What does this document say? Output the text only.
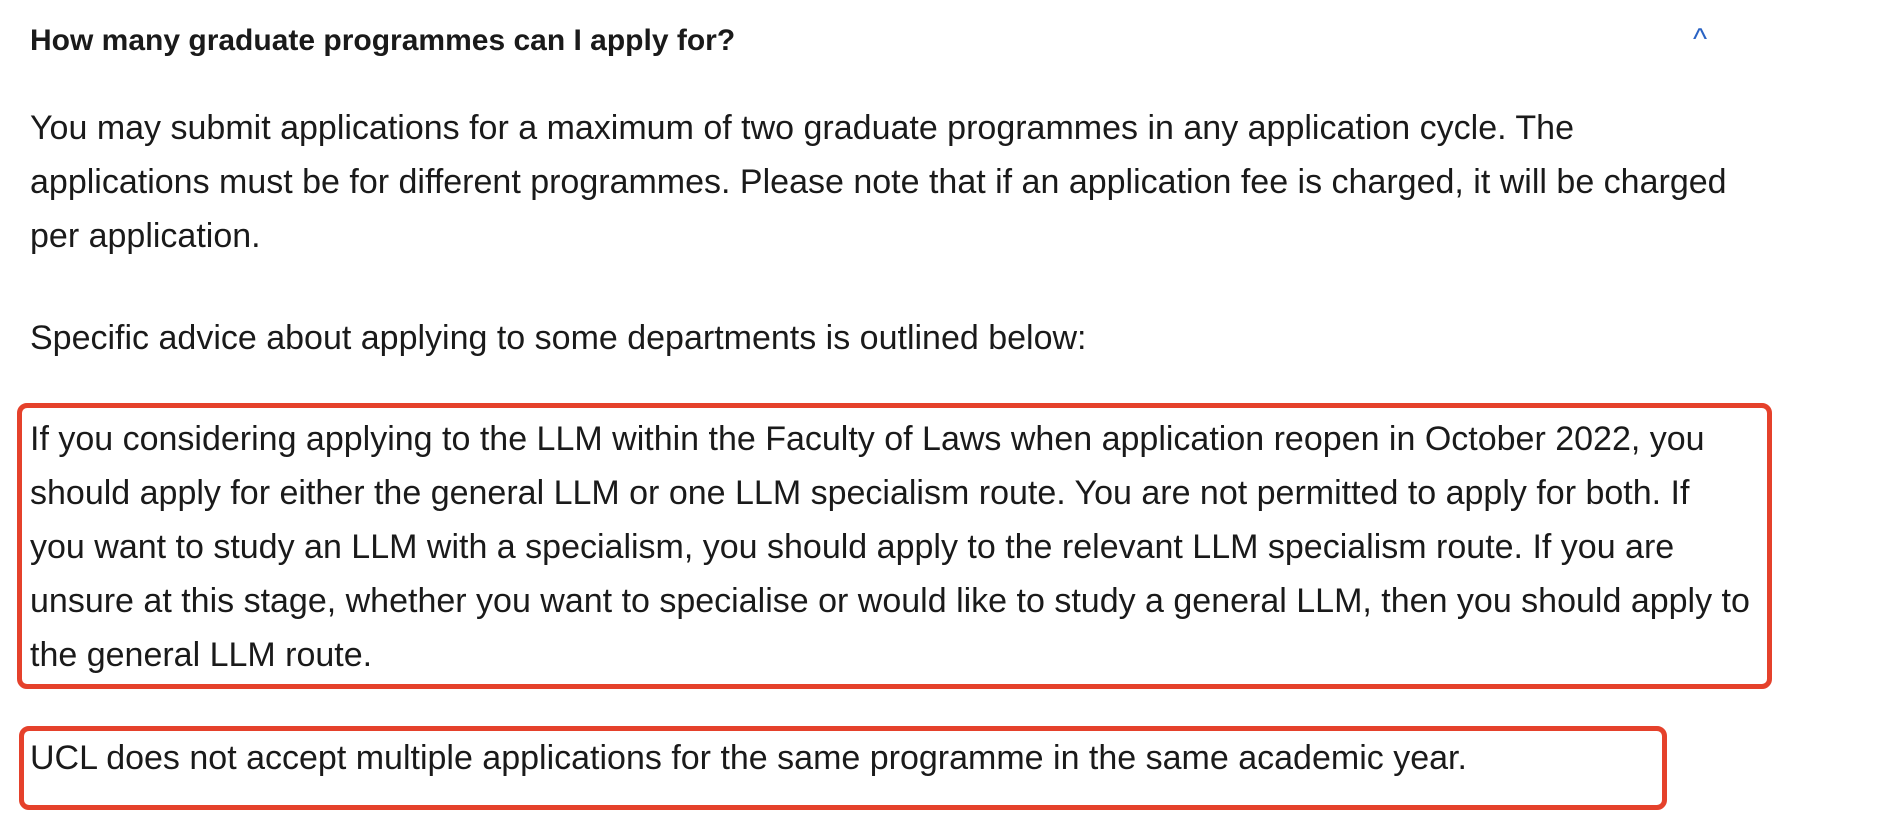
How many graduate programmes can I apply for?	^
You may submit applications for a maximum of two graduate programmes in any application cycle. The applications must be for different programmes. Please note that if an application fee is charged, it will be charged per application.
Specific advice about applying to some departments is outlined below:
If you considering applying to the LLM within the Faculty of Laws when application reopen in October 2022, you should apply for either the general LLM or one LLM specialism route. You are not permitted to apply for both. If you want to study an LLM with a specialism, you should apply to the relevant LLM specialism route. If you are unsure at this stage, whether you want to specialise or would like to study a general LLM, then you should apply to the general LLM route.
UCL does not accept multiple applications for the same programme in the same academic year.
